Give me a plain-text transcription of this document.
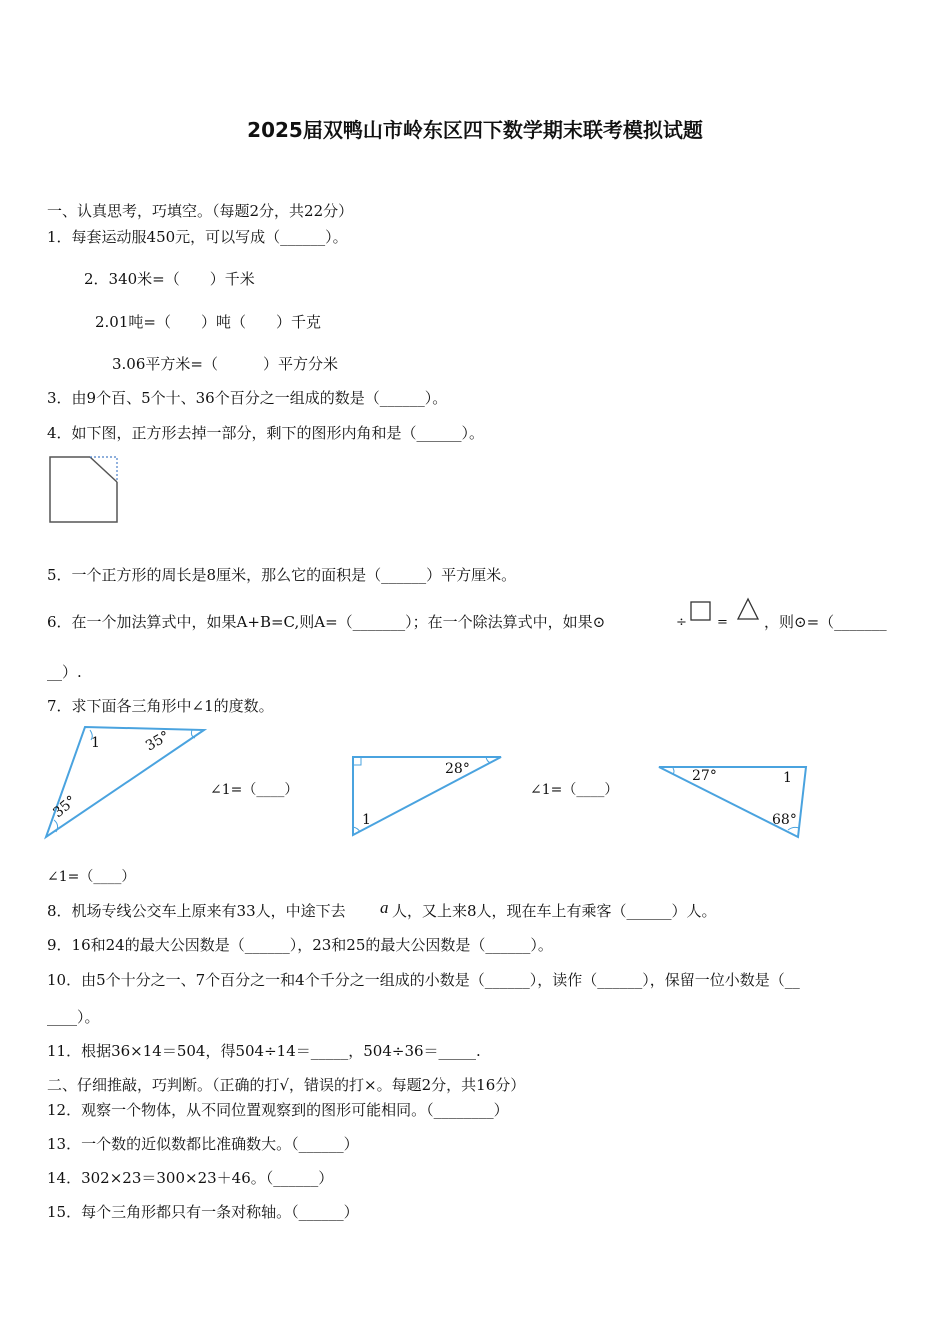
2025届双鸭山市岭东区四下数学期末联考模拟试题
一、认真思考，巧填空。（每题2分，共22分）
1．每套运动服450元，可以写成（______）。
2．340米=（　　）千米
2.01吨=（　　）吨（　　）千克
3.06平方米=（　　　）平方分米
3．由9个百、5个十、36个百分之一组成的数是（______）。
4．如下图，正方形去掉一部分，剩下的图形内角和是（______）。
5．一个正方形的周长是8厘米，那么它的面积是（______）平方厘米。
6．在一个加法算式中，如果A+B=C,则A=（_______）；在一个除法算式中，如果⊙	÷ = ，则⊙=（_______
__）.
7．求下面各三角形中∠1的度数。
1	35°
35°
∠1=（____）
28°
1
∠1=（____）
27°	1
68°
∠1=（____）
8．机场专线公交车上原来有33人，中途下去 a 人，又上来8人，现在车上有乘客（______）人。
9．16和24的最大公因数是（______），23和25的最大公因数是（______）。
10．由5个十分之一、7个百分之一和4个千分之一组成的小数是（______），读作（______），保留一位小数是（__
____）。
11．根据36×14＝504，得504÷14＝_____，504÷36＝_____.
二、仔细推敲，巧判断。（正确的打√，错误的打×。每题2分，共16分）
12．观察一个物体，从不同位置观察到的图形可能相同。（________）
13．一个数的近似数都比准确数大。（______）
14．302×23＝300×23＋46。（______）
15．每个三角形都只有一条对称轴。（______）
